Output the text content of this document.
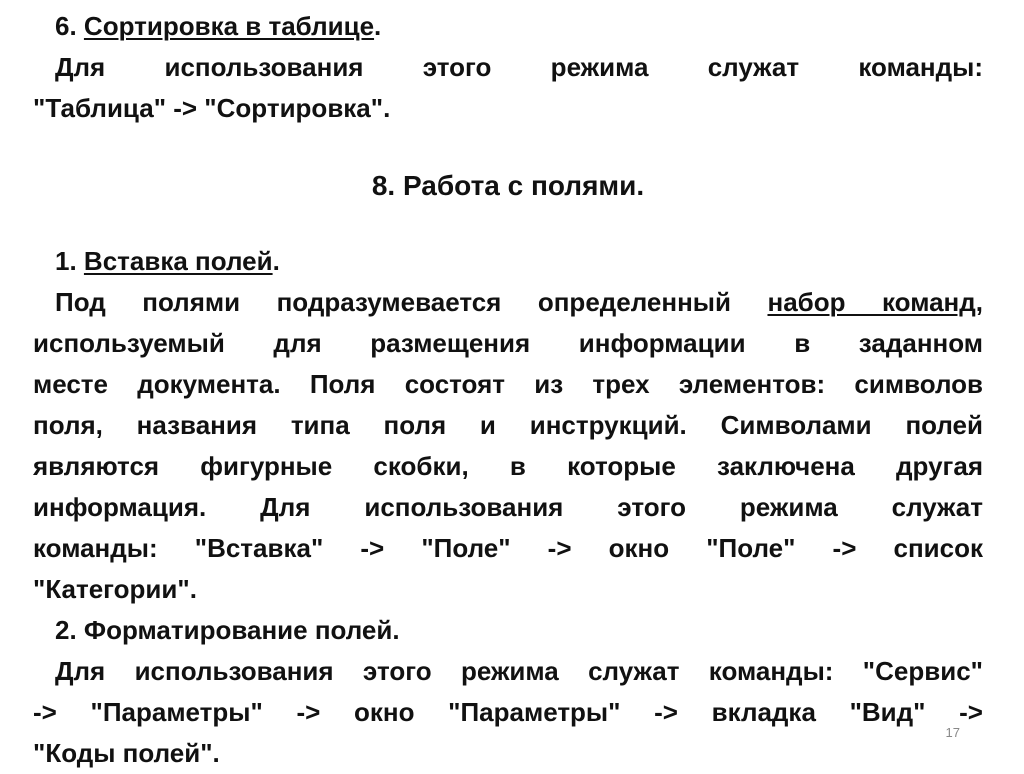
6. Сортировка в таблице.
Для использования этого режима служат команды:
"Таблица" -> "Сортировка".
8. Работа с полями.
1. Вставка полей.
Под полями подразумевается определенный набор команд,
используемый для размещения информации в заданном
месте документа. Поля состоят из трех элементов: символов
поля, названия типа поля и инструкций. Символами полей
являются фигурные скобки, в которые заключена другая
информация. Для использования этого режима служат
команды: "Вставка" -> "Поле" -> окно "Поле" -> список
"Категории".
2. Форматирование полей.
Для использования этого режима служат команды: "Сервис"
-> "Параметры" -> окно "Параметры" -> вкладка "Вид" ->
"Коды полей".
17
